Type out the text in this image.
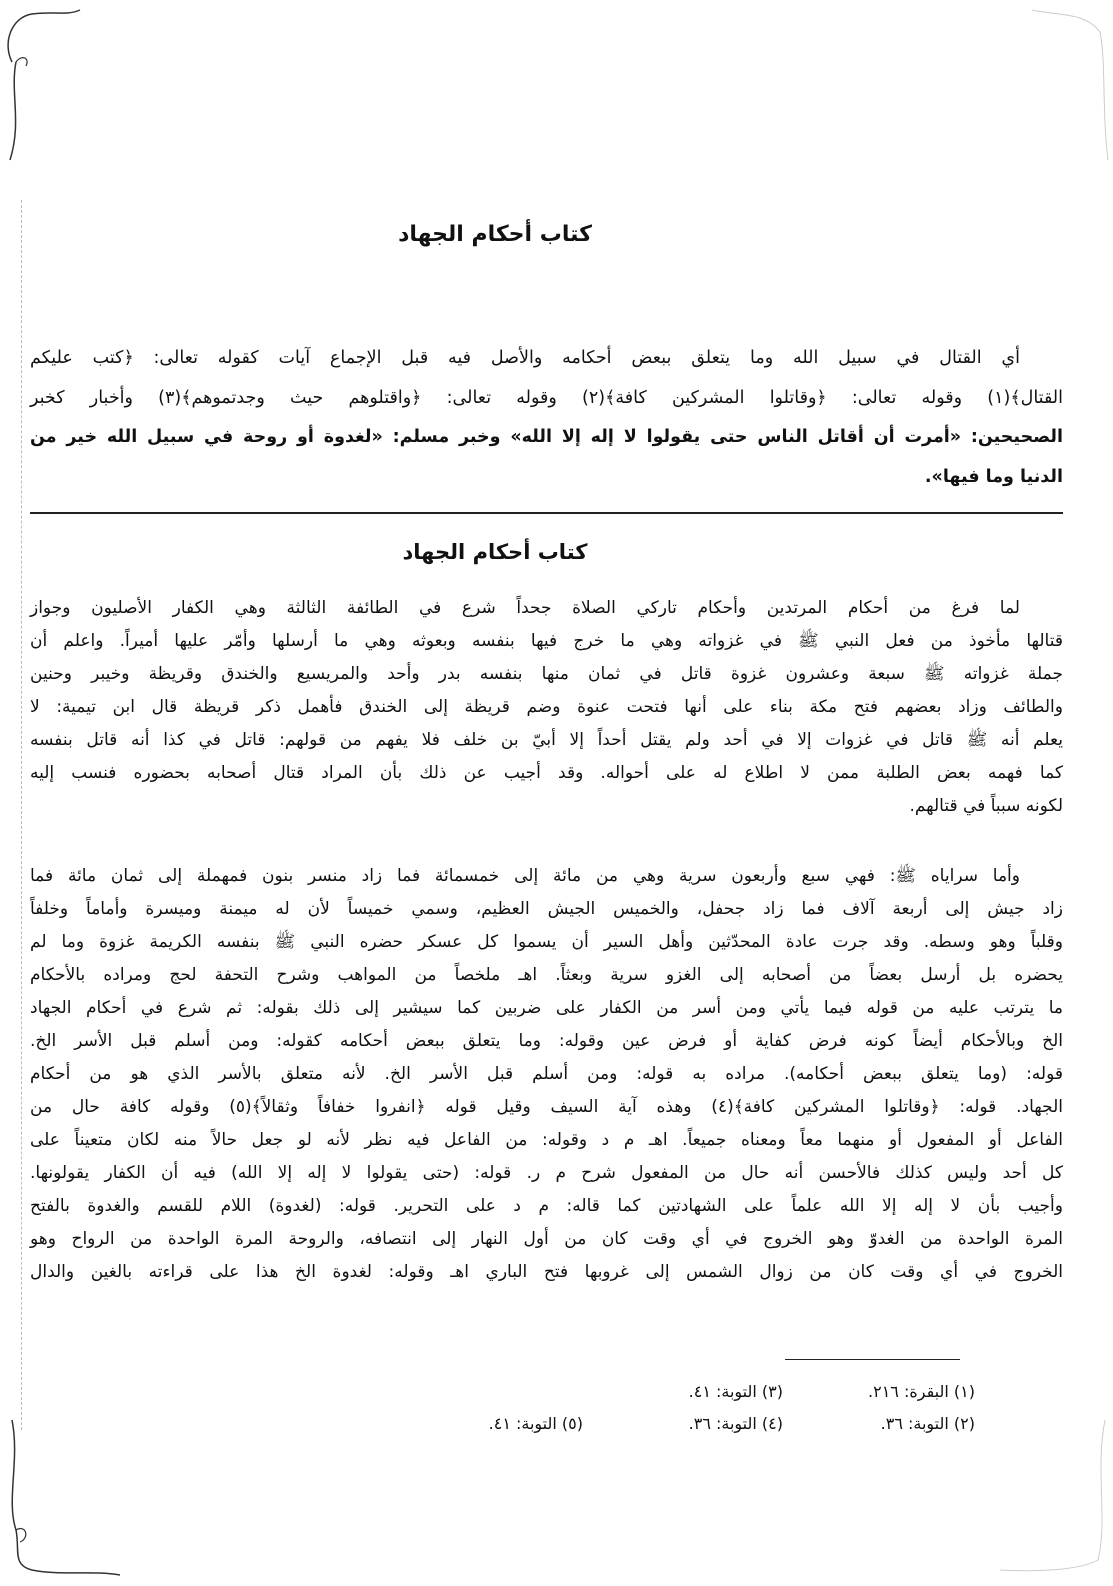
كتاب أحكام الجهاد
أي القتال في سبيل الله وما يتعلق ببعض أحكامه والأصل فيه قبل الإجماع آيات كقوله تعالى: ﴿كتب عليكم
القتال﴾(١) وقوله تعالى: ﴿وقاتلوا المشركين كافة﴾(٢) وقوله تعالى: ﴿واقتلوهم حيث وجدتموهم﴾(٣) وأخبار كخبر
الصحيحين: «أمرت أن أقاتل الناس حتى يقولوا لا إله إلا الله» وخبر مسلم: «لغدوة أو روحة في سبيل الله خير من
الدنيا وما فيها».
كتاب أحكام الجهاد
لما فرغ من أحكام المرتدين وأحكام تاركي الصلاة جحداً شرع في الطائفة الثالثة وهي الكفار الأصليون وجواز
قتالها مأخوذ من فعل النبي ﷺ في غزواته وهي ما خرج فيها بنفسه وبعوثه وهي ما أرسلها وأمّر عليها أميراً. واعلم أن
جملة غزواته ﷺ سبعة وعشرون غزوة قاتل في ثمان منها بنفسه بدر وأحد والمريسيع والخندق وقريظة وخيبر وحنين
والطائف وزاد بعضهم فتح مكة بناء على أنها فتحت عنوة وضم قريظة إلى الخندق فأهمل ذكر قريظة قال ابن تيمية: لا
يعلم أنه ﷺ قاتل في غزوات إلا في أحد ولم يقتل أحداً إلا أبيّ بن خلف فلا يفهم من قولهم: قاتل في كذا أنه قاتل بنفسه
كما فهمه بعض الطلبة ممن لا اطلاع له على أحواله. وقد أجيب عن ذلك بأن المراد قتال أصحابه بحضوره فنسب إليه
لكونه سبباً في قتالهم.
وأما سراياه ﷺ: فهي سبع وأربعون سرية وهي من مائة إلى خمسمائة فما زاد منسر بنون فمهملة إلى ثمان مائة فما
زاد جيش إلى أربعة آلاف فما زاد جحفل، والخميس الجيش العظيم، وسمي خميساً لأن له ميمنة وميسرة وأماماً وخلفاً
وقلباً وهو وسطه. وقد جرت عادة المحدّثين وأهل السير أن يسموا كل عسكر حضره النبي ﷺ بنفسه الكريمة غزوة وما لم
يحضره بل أرسل بعضاً من أصحابه إلى الغزو سرية وبعثاً. اهـ ملخصاً من المواهب وشرح التحفة لحج ومراده بالأحكام
ما يترتب عليه من قوله فيما يأتي ومن أسر من الكفار على ضربين كما سيشير إلى ذلك بقوله: ثم شرع في أحكام الجهاد
الخ وبالأحكام أيضاً كونه فرض كفاية أو فرض عين وقوله: وما يتعلق ببعض أحكامه كقوله: ومن أسلم قبل الأسر الخ.
قوله: (وما يتعلق ببعض أحكامه). مراده به قوله: ومن أسلم قبل الأسر الخ. لأنه متعلق بالأسر الذي هو من أحكام
الجهاد. قوله: ﴿وقاتلوا المشركين كافة﴾(٤) وهذه آية السيف وقيل قوله ﴿انفروا خفافاً وثقالاً﴾(٥) وقوله كافة حال من
الفاعل أو المفعول أو منهما معاً ومعناه جميعاً. اهـ م د وقوله: من الفاعل فيه نظر لأنه لو جعل حالاً منه لكان متعيناً على
كل أحد وليس كذلك فالأحسن أنه حال من المفعول شرح م ر. قوله: (حتى يقولوا لا إله إلا الله) فيه أن الكفار يقولونها.
وأجيب بأن لا إله إلا الله علماً على الشهادتين كما قاله: م د على التحرير. قوله: (لغدوة) اللام للقسم والغدوة بالفتح
المرة الواحدة من الغدوّ وهو الخروج في أي وقت كان من أول النهار إلى انتصافه، والروحة المرة الواحدة من الرواح وهو
الخروج في أي وقت كان من زوال الشمس إلى غروبها فتح الباري اهـ وقوله: لغدوة الخ هذا على قراءته بالغين والدال
(١) البقرة: ٢١٦.
(٢) التوبة: ٣٦.
(٣) التوبة: ٤١.
(٤) التوبة: ٣٦.
(٥) التوبة: ٤١.
